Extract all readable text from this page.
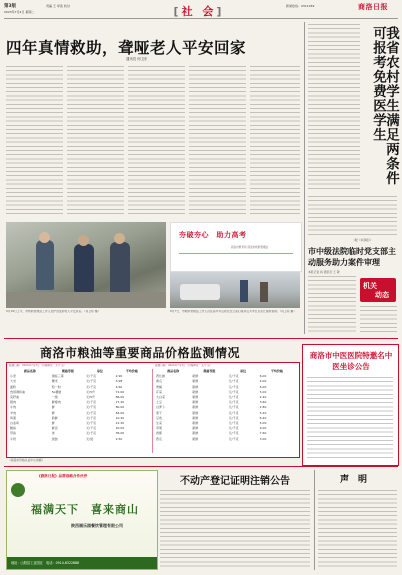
第3版
2023年7月4日 星期二
责编 王 审读 校对	[社 会]	新闻热线：2311039	商洛日报
四年真情救助，聋哑老人平安回家
通讯员 何卫东
6月29日上午，市救助管理站工作人员护送受助老人平安返家。（何卫东 摄）
夯破夯心　助力高考
商洛市教育局 商洛市救助管理站
6月7日，市救助管理站工作人员在高考考点附近设立爱心服务点为考生及家长提供帮助。（何卫东 摄）
我省农村学生满足两条件可报考免费医学生
（据《华商报》）
市中级法院临时党支部主动服务助力案件审理
本报记者 杨 通讯员 王 敬
机关
动态
商洛市粮油等重要商品价格监测情况
监测日期：2023年7月3日（价格单位：元/千克）	监测日期：2023年7月3日（价格单位：元/千克）
商品名称	规格等级	单位	平均价格
小麦	国标三等	元/千克	2.90
大米	粳米	元/千克	5.98
面粉	特一粉	元/千克	4.60
食用调和油	5L桶装	元/5升	72.00
菜籽油	一级	元/5升	86.00
猪肉	鲜瘦肉	元/千克	27.20
牛肉	鲜	元/千克	80.00
羊肉	鲜	元/千克	84.00
鸡蛋	新鲜	元/千克	10.20
白条鸡	鲜	元/千克	21.20
鲤鱼	鲜活	元/千克	20.00
带鱼	冻	元/千克	36.00
牛奶	袋装	元/袋	2.50
商品名称	规格等级	单位	平均价格
西红柿	新鲜	元/千克	6.00
黄瓜	新鲜	元/千克	4.00
青椒	新鲜	元/千克	6.00
芹菜	新鲜	元/千克	5.00
大白菜	新鲜	元/千克	2.40
土豆	新鲜	元/千克	3.60
白萝卜	新鲜	元/千克	2.80
茄子	新鲜	元/千克	5.20
豆角	新鲜	元/千克	6.40
生菜	新鲜	元/千克	5.00
苹果	新鲜	元/千克	9.00
香蕉	新鲜	元/千克	7.60
西瓜	新鲜	元/千克	3.00
（商洛市价格认证中心供稿）
商洛市中医医院特邀名中医坐诊公告
《商洛日报》品牌战略合作伙伴
福满天下　喜来商山
陕西福乐园餐饮管理有限公司
地址：山阳县工业园区　电话：0914-8322888
不动产登记证明注销公告	声　明
